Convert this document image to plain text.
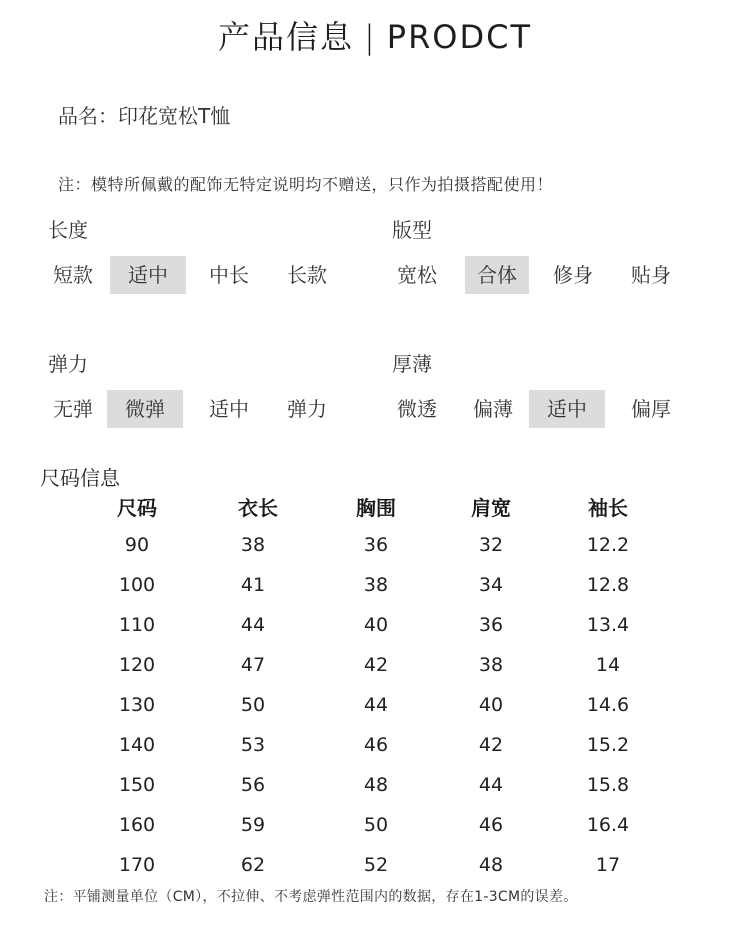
产品信息 | PRODCT
品名：印花宽松T恤
注：模特所佩戴的配饰无特定说明均不赠送，只作为拍摄搭配使用！
长度
短款	适中	中长	长款
版型
宽松	合体	修身	贴身
弹力
无弹	微弹	适中	弹力
厚薄
微透	偏薄	适中	偏厚
尺码信息
尺码	衣长	胸围	肩宽	袖长
90	38	36	32	12.2
100	41	38	34	12.8
110	44	40	36	13.4
120	47	42	38	14
130	50	44	40	14.6
140	53	46	42	15.2
150	56	48	44	15.8
160	59	50	46	16.4
170	62	52	48	17
注：平铺测量单位（CM），不拉伸、不考虑弹性范围内的数据，存在1-3CM的误差。
